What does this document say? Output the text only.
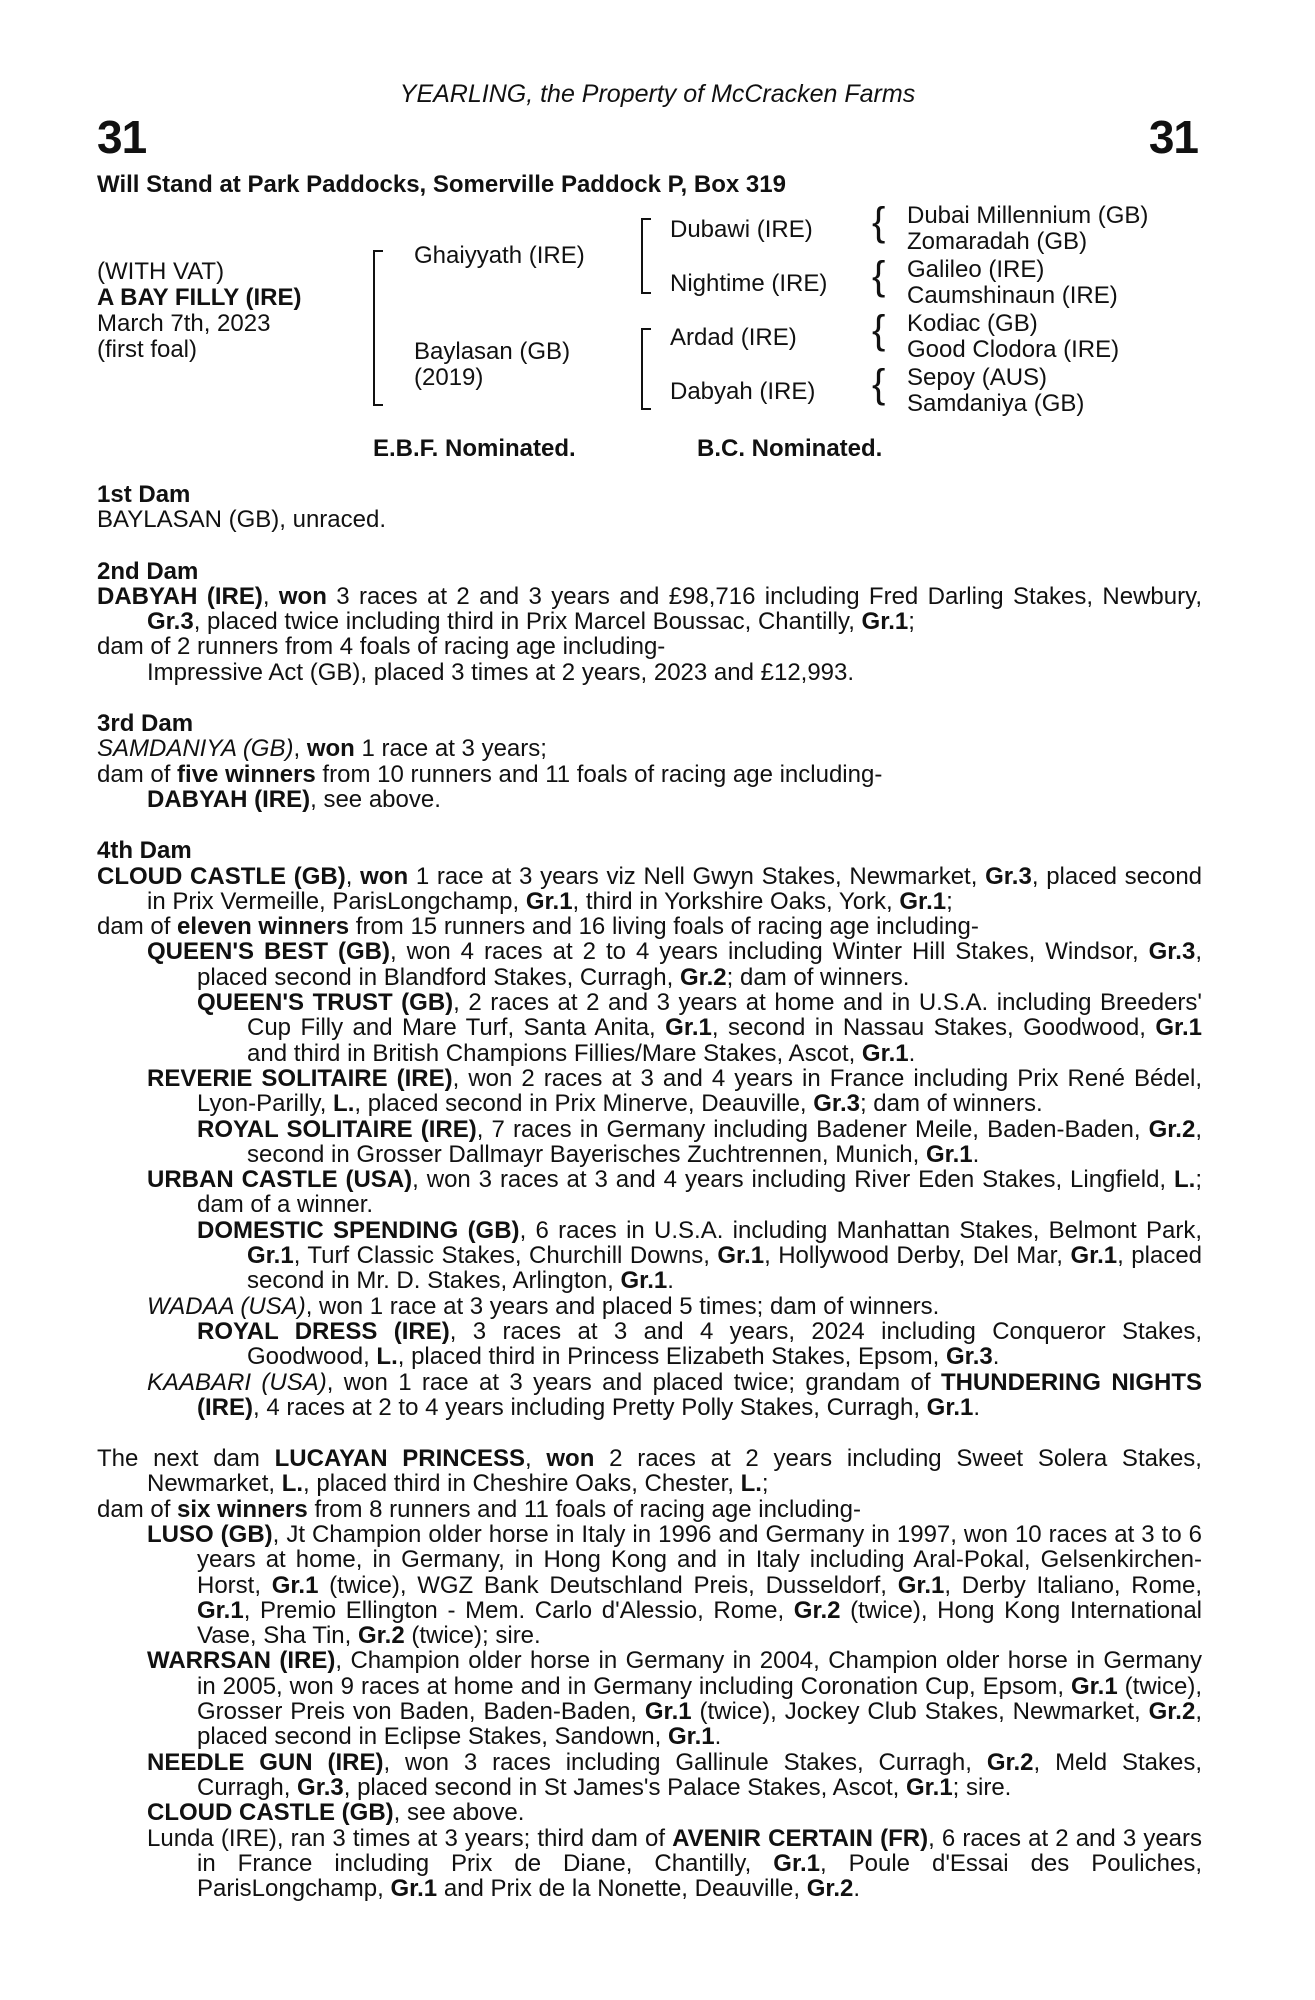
31	31
YEARLING, the Property of McCracken Farms
Will Stand at Park Paddocks, Somerville Paddock P, Box 319
(WITH VAT)
A BAY FILLY (IRE)
March 7th, 2023
(first foal)
Ghaiyyath (IRE)
Baylasan (GB)
(2019)
Dubawi (IRE)
Nightime (IRE)
Ardad (IRE)
Dabyah (IRE)
{
{
{
{
Dubai Millennium (GB)
Zomaradah (GB)
Galileo (IRE)
Caumshinaun (IRE)
Kodiac (GB)
Good Clodora (IRE)
Sepoy (AUS)
Samdaniya (GB)
E.B.F. Nominated.	B.C. Nominated.
1st Dam
BAYLASAN (GB), unraced.
2nd Dam
DABYAH (IRE), won 3 races at 2 and 3 years and £98,716 including Fred Darling Stakes, Newbury, Gr.3, placed twice including third in Prix Marcel Boussac, Chantilly, Gr.1;
dam of 2 runners from 4 foals of racing age including-
Impressive Act (GB), placed 3 times at 2 years, 2023 and £12,993.
3rd Dam
SAMDANIYA (GB), won 1 race at 3 years;
dam of five winners from 10 runners and 11 foals of racing age including-
DABYAH (IRE), see above.
4th Dam
CLOUD CASTLE (GB), won 1 race at 3 years viz Nell Gwyn Stakes, Newmarket, Gr.3, placed second in Prix Vermeille, ParisLongchamp, Gr.1, third in Yorkshire Oaks, York, Gr.1;
dam of eleven winners from 15 runners and 16 living foals of racing age including-
QUEEN'S BEST (GB), won 4 races at 2 to 4 years including Winter Hill Stakes, Windsor, Gr.3, placed second in Blandford Stakes, Curragh, Gr.2; dam of winners.
QUEEN'S TRUST (GB), 2 races at 2 and 3 years at home and in U.S.A. including Breeders' Cup Filly and Mare Turf, Santa Anita, Gr.1, second in Nassau Stakes, Goodwood, Gr.1 and third in British Champions Fillies/Mare Stakes, Ascot, Gr.1.
REVERIE SOLITAIRE (IRE), won 2 races at 3 and 4 years in France including Prix René Bédel, Lyon-Parilly, L., placed second in Prix Minerve, Deauville, Gr.3; dam of winners.
ROYAL SOLITAIRE (IRE), 7 races in Germany including Badener Meile, Baden-Baden, Gr.2, second in Grosser Dallmayr Bayerisches Zuchtrennen, Munich, Gr.1.
URBAN CASTLE (USA), won 3 races at 3 and 4 years including River Eden Stakes, Lingfield, L.; dam of a winner.
DOMESTIC SPENDING (GB), 6 races in U.S.A. including Manhattan Stakes, Belmont Park, Gr.1, Turf Classic Stakes, Churchill Downs, Gr.1, Hollywood Derby, Del Mar, Gr.1, placed second in Mr. D. Stakes, Arlington, Gr.1.
WADAA (USA), won 1 race at 3 years and placed 5 times; dam of winners.
ROYAL DRESS (IRE), 3 races at 3 and 4 years, 2024 including Conqueror Stakes, Goodwood, L., placed third in Princess Elizabeth Stakes, Epsom, Gr.3.
KAABARI (USA), won 1 race at 3 years and placed twice; grandam of THUNDERING NIGHTS (IRE), 4 races at 2 to 4 years including Pretty Polly Stakes, Curragh, Gr.1.
The next dam LUCAYAN PRINCESS, won 2 races at 2 years including Sweet Solera Stakes, Newmarket, L., placed third in Cheshire Oaks, Chester, L.;
dam of six winners from 8 runners and 11 foals of racing age including-
LUSO (GB), Jt Champion older horse in Italy in 1996 and Germany in 1997, won 10 races at 3 to 6 years at home, in Germany, in Hong Kong and in Italy including Aral-Pokal, Gelsenkirchen-Horst, Gr.1 (twice), WGZ Bank Deutschland Preis, Dusseldorf, Gr.1, Derby Italiano, Rome, Gr.1, Premio Ellington - Mem. Carlo d'Alessio, Rome, Gr.2 (twice), Hong Kong International Vase, Sha Tin, Gr.2 (twice); sire.
WARRSAN (IRE), Champion older horse in Germany in 2004, Champion older horse in Germany in 2005, won 9 races at home and in Germany including Coronation Cup, Epsom, Gr.1 (twice), Grosser Preis von Baden, Baden-Baden, Gr.1 (twice), Jockey Club Stakes, Newmarket, Gr.2, placed second in Eclipse Stakes, Sandown, Gr.1.
NEEDLE GUN (IRE), won 3 races including Gallinule Stakes, Curragh, Gr.2, Meld Stakes, Curragh, Gr.3, placed second in St James's Palace Stakes, Ascot, Gr.1; sire.
CLOUD CASTLE (GB), see above.
Lunda (IRE), ran 3 times at 3 years; third dam of AVENIR CERTAIN (FR), 6 races at 2 and 3 years in France including Prix de Diane, Chantilly, Gr.1, Poule d'Essai des Pouliches, ParisLongchamp, Gr.1 and Prix de la Nonette, Deauville, Gr.2.
